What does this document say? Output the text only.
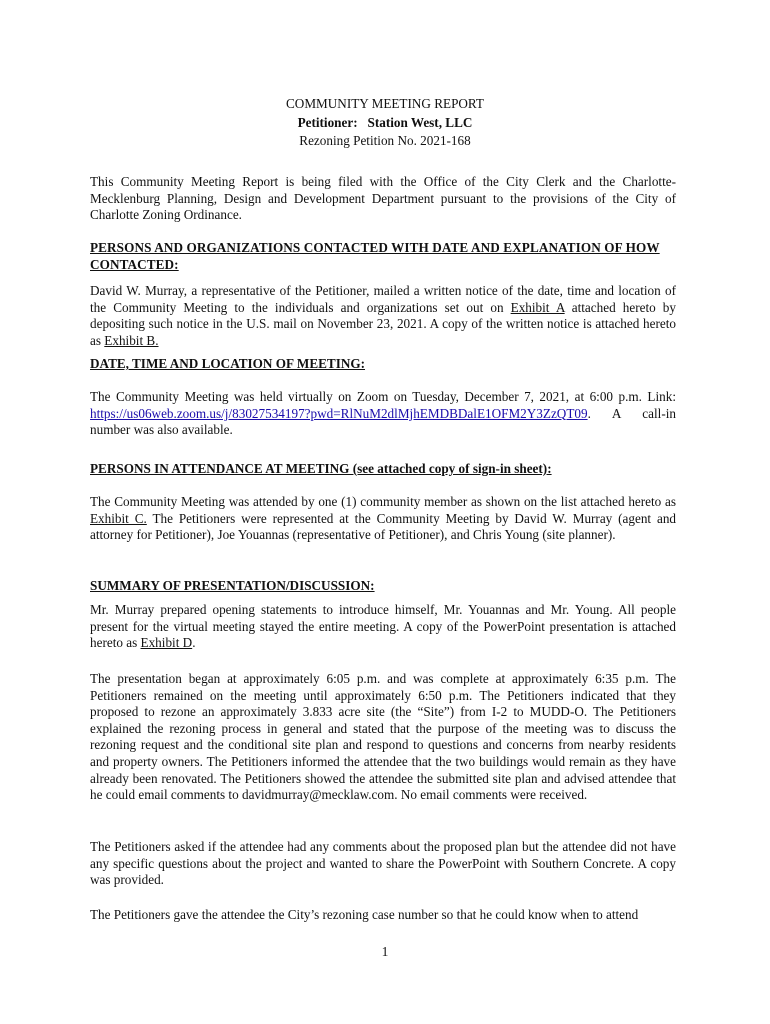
COMMUNITY MEETING REPORT
Petitioner: Station West, LLC
Rezoning Petition No. 2021-168
This Community Meeting Report is being filed with the Office of the City Clerk and the Charlotte-Mecklenburg Planning, Design and Development Department pursuant to the provisions of the City of Charlotte Zoning Ordinance.
PERSONS AND ORGANIZATIONS CONTACTED WITH DATE AND EXPLANATION OF HOW CONTACTED:
David W. Murray, a representative of the Petitioner, mailed a written notice of the date, time and location of the Community Meeting to the individuals and organizations set out on Exhibit A attached hereto by depositing such notice in the U.S. mail on November 23, 2021. A copy of the written notice is attached hereto as Exhibit B.
DATE, TIME AND LOCATION OF MEETING:
The Community Meeting was held virtually on Zoom on Tuesday, December 7, 2021, at 6:00 p.m. Link: https://us06web.zoom.us/j/83027534197?pwd=RlNuM2dlMjhEMDBDalE1OFM2Y3ZzQT09. A call-in number was also available.
PERSONS IN ATTENDANCE AT MEETING (see attached copy of sign-in sheet):
The Community Meeting was attended by one (1) community member as shown on the list attached hereto as Exhibit C. The Petitioners were represented at the Community Meeting by David W. Murray (agent and attorney for Petitioner), Joe Youannas (representative of Petitioner), and Chris Young (site planner).
SUMMARY OF PRESENTATION/DISCUSSION:
Mr. Murray prepared opening statements to introduce himself, Mr. Youannas and Mr. Young. All people present for the virtual meeting stayed the entire meeting. A copy of the PowerPoint presentation is attached hereto as Exhibit D.
The presentation began at approximately 6:05 p.m. and was complete at approximately 6:35 p.m. The Petitioners remained on the meeting until approximately 6:50 p.m. The Petitioners indicated that they proposed to rezone an approximately 3.833 acre site (the “Site”) from I-2 to MUDD-O. The Petitioners explained the rezoning process in general and stated that the purpose of the meeting was to discuss the rezoning request and the conditional site plan and respond to questions and concerns from nearby residents and property owners. The Petitioners informed the attendee that the two buildings would remain as they have already been renovated. The Petitioners showed the attendee the submitted site plan and advised attendee that he could email comments to davidmurray@mecklaw.com. No email comments were received.
The Petitioners asked if the attendee had any comments about the proposed plan but the attendee did not have any specific questions about the project and wanted to share the PowerPoint with Southern Concrete. A copy was provided.
The Petitioners gave the attendee the City’s rezoning case number so that he could know when to attend
1
